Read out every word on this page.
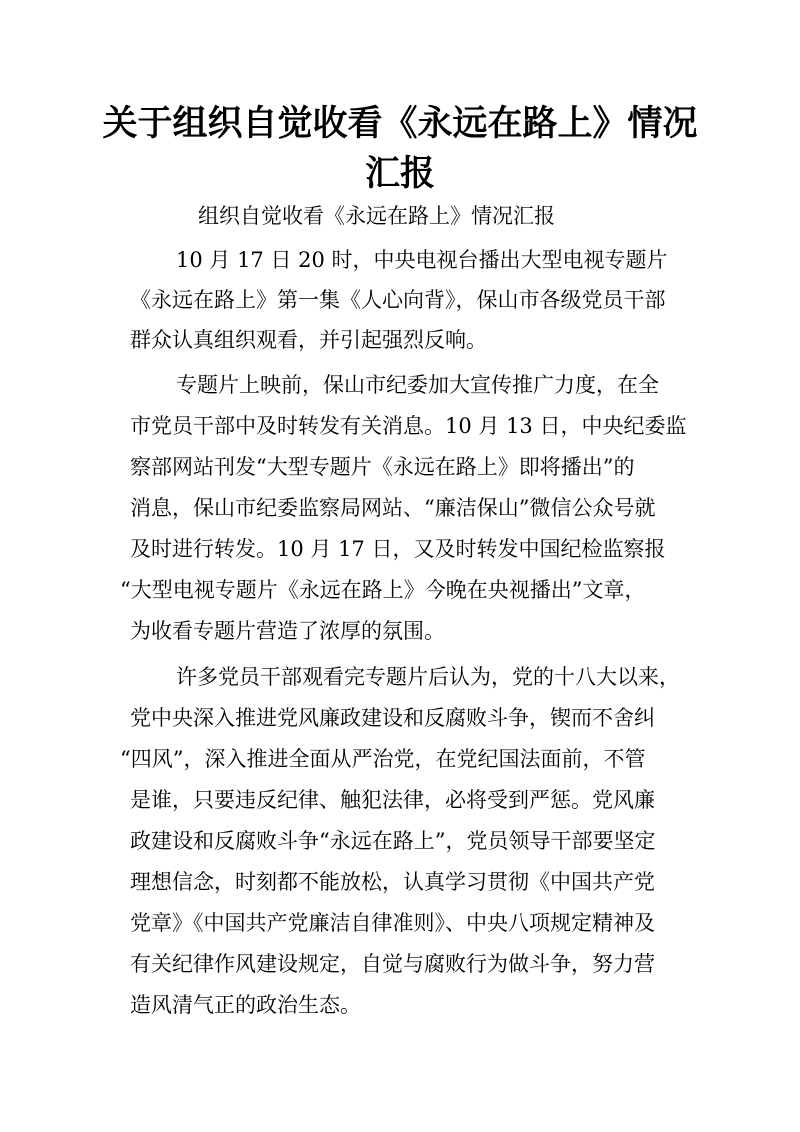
关于组织自觉收看《永远在路上》情况
汇报

组织自觉收看《永远在路上》情况汇报

10 月 17 日 20 时，中央电视台播出大型电视专题片

《永远在路上》第一集《人心向背》，保山市各级党员干部

群众认真组织观看，并引起强烈反响。

专题片上映前，保山市纪委加大宣传推广力度，在全

市党员干部中及时转发有关消息。10 月 13 日，中央纪委监

察部网站刊发“大型专题片《永远在路上》即将播出”的

消息，保山市纪委监察局网站、“廉洁保山”微信公众号就

及时进行转发。10 月 17 日，又及时转发中国纪检监察报

“大型电视专题片《永远在路上》今晚在央视播出”文章，

为收看专题片营造了浓厚的氛围。

许多党员干部观看完专题片后认为，党的十八大以来，

党中央深入推进党风廉政建设和反腐败斗争，锲而不舍纠

“四风”，深入推进全面从严治党，在党纪国法面前，不管

是谁，只要违反纪律、触犯法律，必将受到严惩。党风廉

政建设和反腐败斗争“永远在路上”，党员领导干部要坚定

理想信念，时刻都不能放松，认真学习贯彻《中国共产党

党章》《中国共产党廉洁自律准则》、中央八项规定精神及

有关纪律作风建设规定，自觉与腐败行为做斗争，努力营

造风清气正的政治生态。
